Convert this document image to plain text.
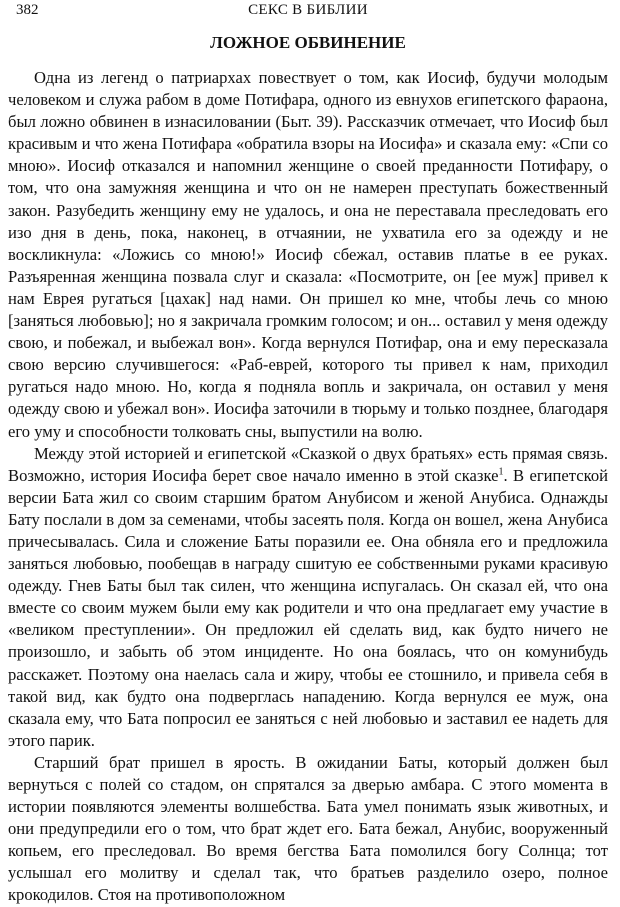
382	СЕКС В БИБЛИИ
ЛОЖНОЕ ОБВИНЕНИЕ

Одна из легенд о патриархах повествует о том, как Иосиф, будучи молодым человеком и служа рабом в доме Потифара, одного из евнухов египетского фараона, был ложно обвинен в изнасиловании (Быт. 39). Рассказчик отмечает, что Иосиф был красивым и что жена Потифара «обратила взоры на Иосифа» и сказала ему: «Спи со мною». Иосиф отказался и напомнил женщине о своей преданности Потифару, о том, что она замужняя женщина и что он не намерен преступать божественный закон. Разубедить женщину ему не удалось, и она не переставала преследовать его изо дня в день, пока, наконец, в отчаянии, не ухватила его за одежду и не воскликнула: «Ложись со мною!» Иосиф сбежал, оставив платье в ее руках. Разъяренная женщина позвала слуг и сказала: «Посмотрите, он [ее муж] привел к нам Еврея ругаться [цахак] над нами. Он пришел ко мне, чтобы лечь со мною [заняться любовью]; но я закричала громким голосом; и он... оставил у меня одежду свою, и побежал, и выбежал вон». Когда вернулся Потифар, она и ему пересказала свою версию случившегося: «Раб-еврей, которого ты привел к нам, приходил ругаться надо мною. Но, когда я подняла вопль и закричала, он оставил у меня одежду свою и убежал вон». Иосифа заточили в тюрьму и только позднее, благодаря его уму и способности толковать сны, выпустили на волю.

Между этой историей и египетской «Сказкой о двух братьях» есть прямая связь. Возможно, история Иосифа берет свое начало именно в этой сказке$^1$. В египетской версии Бата жил со своим старшим братом Анубисом и женой Анубиса. Однажды Бату послали в дом за семенами, чтобы засеять поля. Когда он вошел, жена Анубиса причесывалась. Сила и сложение Баты поразили ее. Она обняла его и предложила заняться любовью, пообещав в награду сшитую ее собственными руками красивую одежду. Гнев Баты был так силен, что женщина испугалась. Он сказал ей, что она вместе со своим мужем были ему как родители и что она предлагает ему участие в «великом преступлении». Он предложил ей сделать вид, как будто ничего не произошло, и забыть об этом инциденте. Но она боялась, что он комунибудь расскажет. Поэтому она наелась сала и жиру, чтобы ее стошнило, и привела себя в такой вид, как будто она подверглась нападению. Когда вернулся ее муж, она сказала ему, что Бата попросил ее заняться с ней любовью и заставил ее надеть для этого парик.

Старший брат пришел в ярость. В ожидании Баты, который должен был вернуться с полей со стадом, он спрятался за дверью амбара. С этого момента в истории появляются элементы волшебства. Бата умел понимать язык животных, и они предупредили его о том, что брат ждет его. Бата бежал, Анубис, вооруженный копьем, его преследовал. Во время бегства Бата помолился богу Солнца; тот услышал его молитву и сделал так, что братьев разделило озеро, полное крокодилов. Стоя на противоположном
